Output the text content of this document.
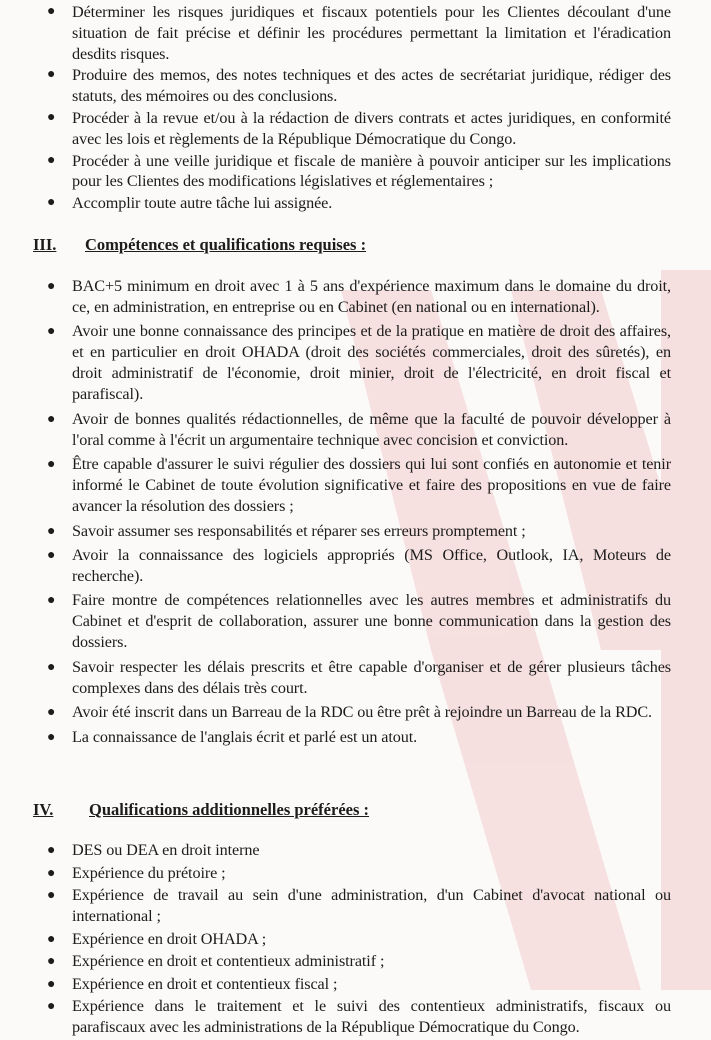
● Déterminer les risques juridiques et fiscaux potentiels pour les Clientes découlant d'une situation de fait précise et définir les procédures permettant la limitation et l'éradication desdits risques.
● Produire des memos, des notes techniques et des actes de secrétariat juridique, rédiger des statuts, des mémoires ou des conclusions.
● Procéder à la revue et/ou à la rédaction de divers contrats et actes juridiques, en conformité avec les lois et règlements de la République Démocratique du Congo.
● Procéder à une veille juridique et fiscale de manière à pouvoir anticiper sur les implications pour les Clientes des modifications législatives et réglementaires ;
● Accomplir toute autre tâche lui assignée.
III.	Compétences et qualifications requises :
● BAC+5 minimum en droit avec 1 à 5 ans d'expérience maximum dans le domaine du droit, ce, en administration, en entreprise ou en Cabinet (en national ou en international).
● Avoir une bonne connaissance des principes et de la pratique en matière de droit des affaires, et en particulier en droit OHADA (droit des sociétés commerciales, droit des sûretés), en droit administratif de l'économie, droit minier, droit de l'électricité, en droit fiscal et parafiscal).
● Avoir de bonnes qualités rédactionnelles, de même que la faculté de pouvoir développer à l'oral comme à l'écrit un argumentaire technique avec concision et conviction.
● Être capable d'assurer le suivi régulier des dossiers qui lui sont confiés en autonomie et tenir informé le Cabinet de toute évolution significative et faire des propositions en vue de faire avancer la résolution des dossiers ;
● Savoir assumer ses responsabilités et réparer ses erreurs promptement ;
● Avoir la connaissance des logiciels appropriés (MS Office, Outlook, IA, Moteurs de recherche).
● Faire montre de compétences relationnelles avec les autres membres et administratifs du Cabinet et d'esprit de collaboration, assurer une bonne communication dans la gestion des dossiers.
● Savoir respecter les délais prescrits et être capable d'organiser et de gérer plusieurs tâches complexes dans des délais très court.
● Avoir été inscrit dans un Barreau de la RDC ou être prêt à rejoindre un Barreau de la RDC.
● La connaissance de l'anglais écrit et parlé est un atout.
IV.	Qualifications additionnelles préférées :
● DES ou DEA en droit interne
● Expérience du prétoire ;
● Expérience de travail au sein d'une administration, d'un Cabinet d'avocat national ou international ;
● Expérience en droit OHADA ;
● Expérience en droit et contentieux administratif ;
● Expérience en droit et contentieux fiscal ;
● Expérience dans le traitement et le suivi des contentieux administratifs, fiscaux ou parafiscaux avec les administrations de la République Démocratique du Congo.
